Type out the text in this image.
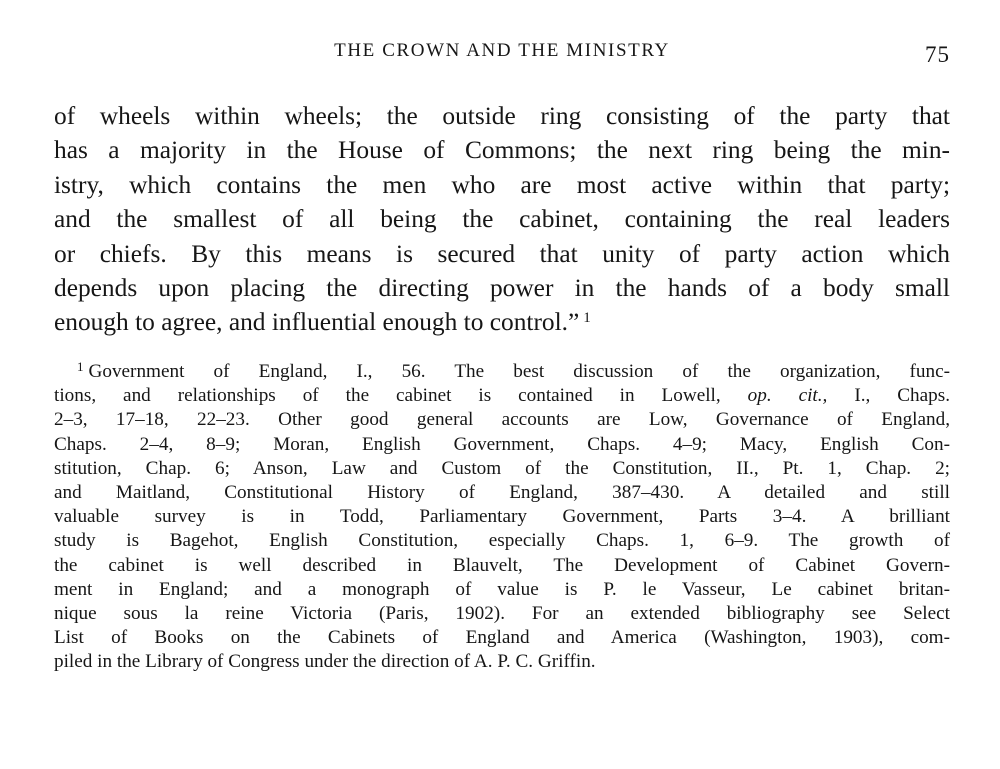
THE CROWN AND THE MINISTRY	75

of wheels within wheels; the outside ring consisting of the party that
has a majority in the House of Commons; the next ring being the min-
istry, which contains the men who are most active within that party;
and the smallest of all being the cabinet, containing the real leaders
or chiefs. By this means is secured that unity of party action which
depends upon placing the directing power in the hands of a body small
enough to agree, and influential enough to control.” $^1$

$^1$ Government of England, I., 56. The best discussion of the organization, func-
tions, and relationships of the cabinet is contained in Lowell, op. cit., I., Chaps.
2–3, 17–18, 22–23. Other good general accounts are Low, Governance of England,
Chaps. 2–4, 8–9; Moran, English Government, Chaps. 4–9; Macy, English Con-
stitution, Chap. 6; Anson, Law and Custom of the Constitution, II., Pt. 1, Chap. 2;
and Maitland, Constitutional History of England, 387–430. A detailed and still
valuable survey is in Todd, Parliamentary Government, Parts 3–4. A brilliant
study is Bagehot, English Constitution, especially Chaps. 1, 6–9. The growth of
the cabinet is well described in Blauvelt, The Development of Cabinet Govern-
ment in England; and a monograph of value is P. le Vasseur, Le cabinet britan-
nique sous la reine Victoria (Paris, 1902). For an extended bibliography see Select
List of Books on the Cabinets of England and America (Washington, 1903), com-
piled in the Library of Congress under the direction of A. P. C. Griffin.
